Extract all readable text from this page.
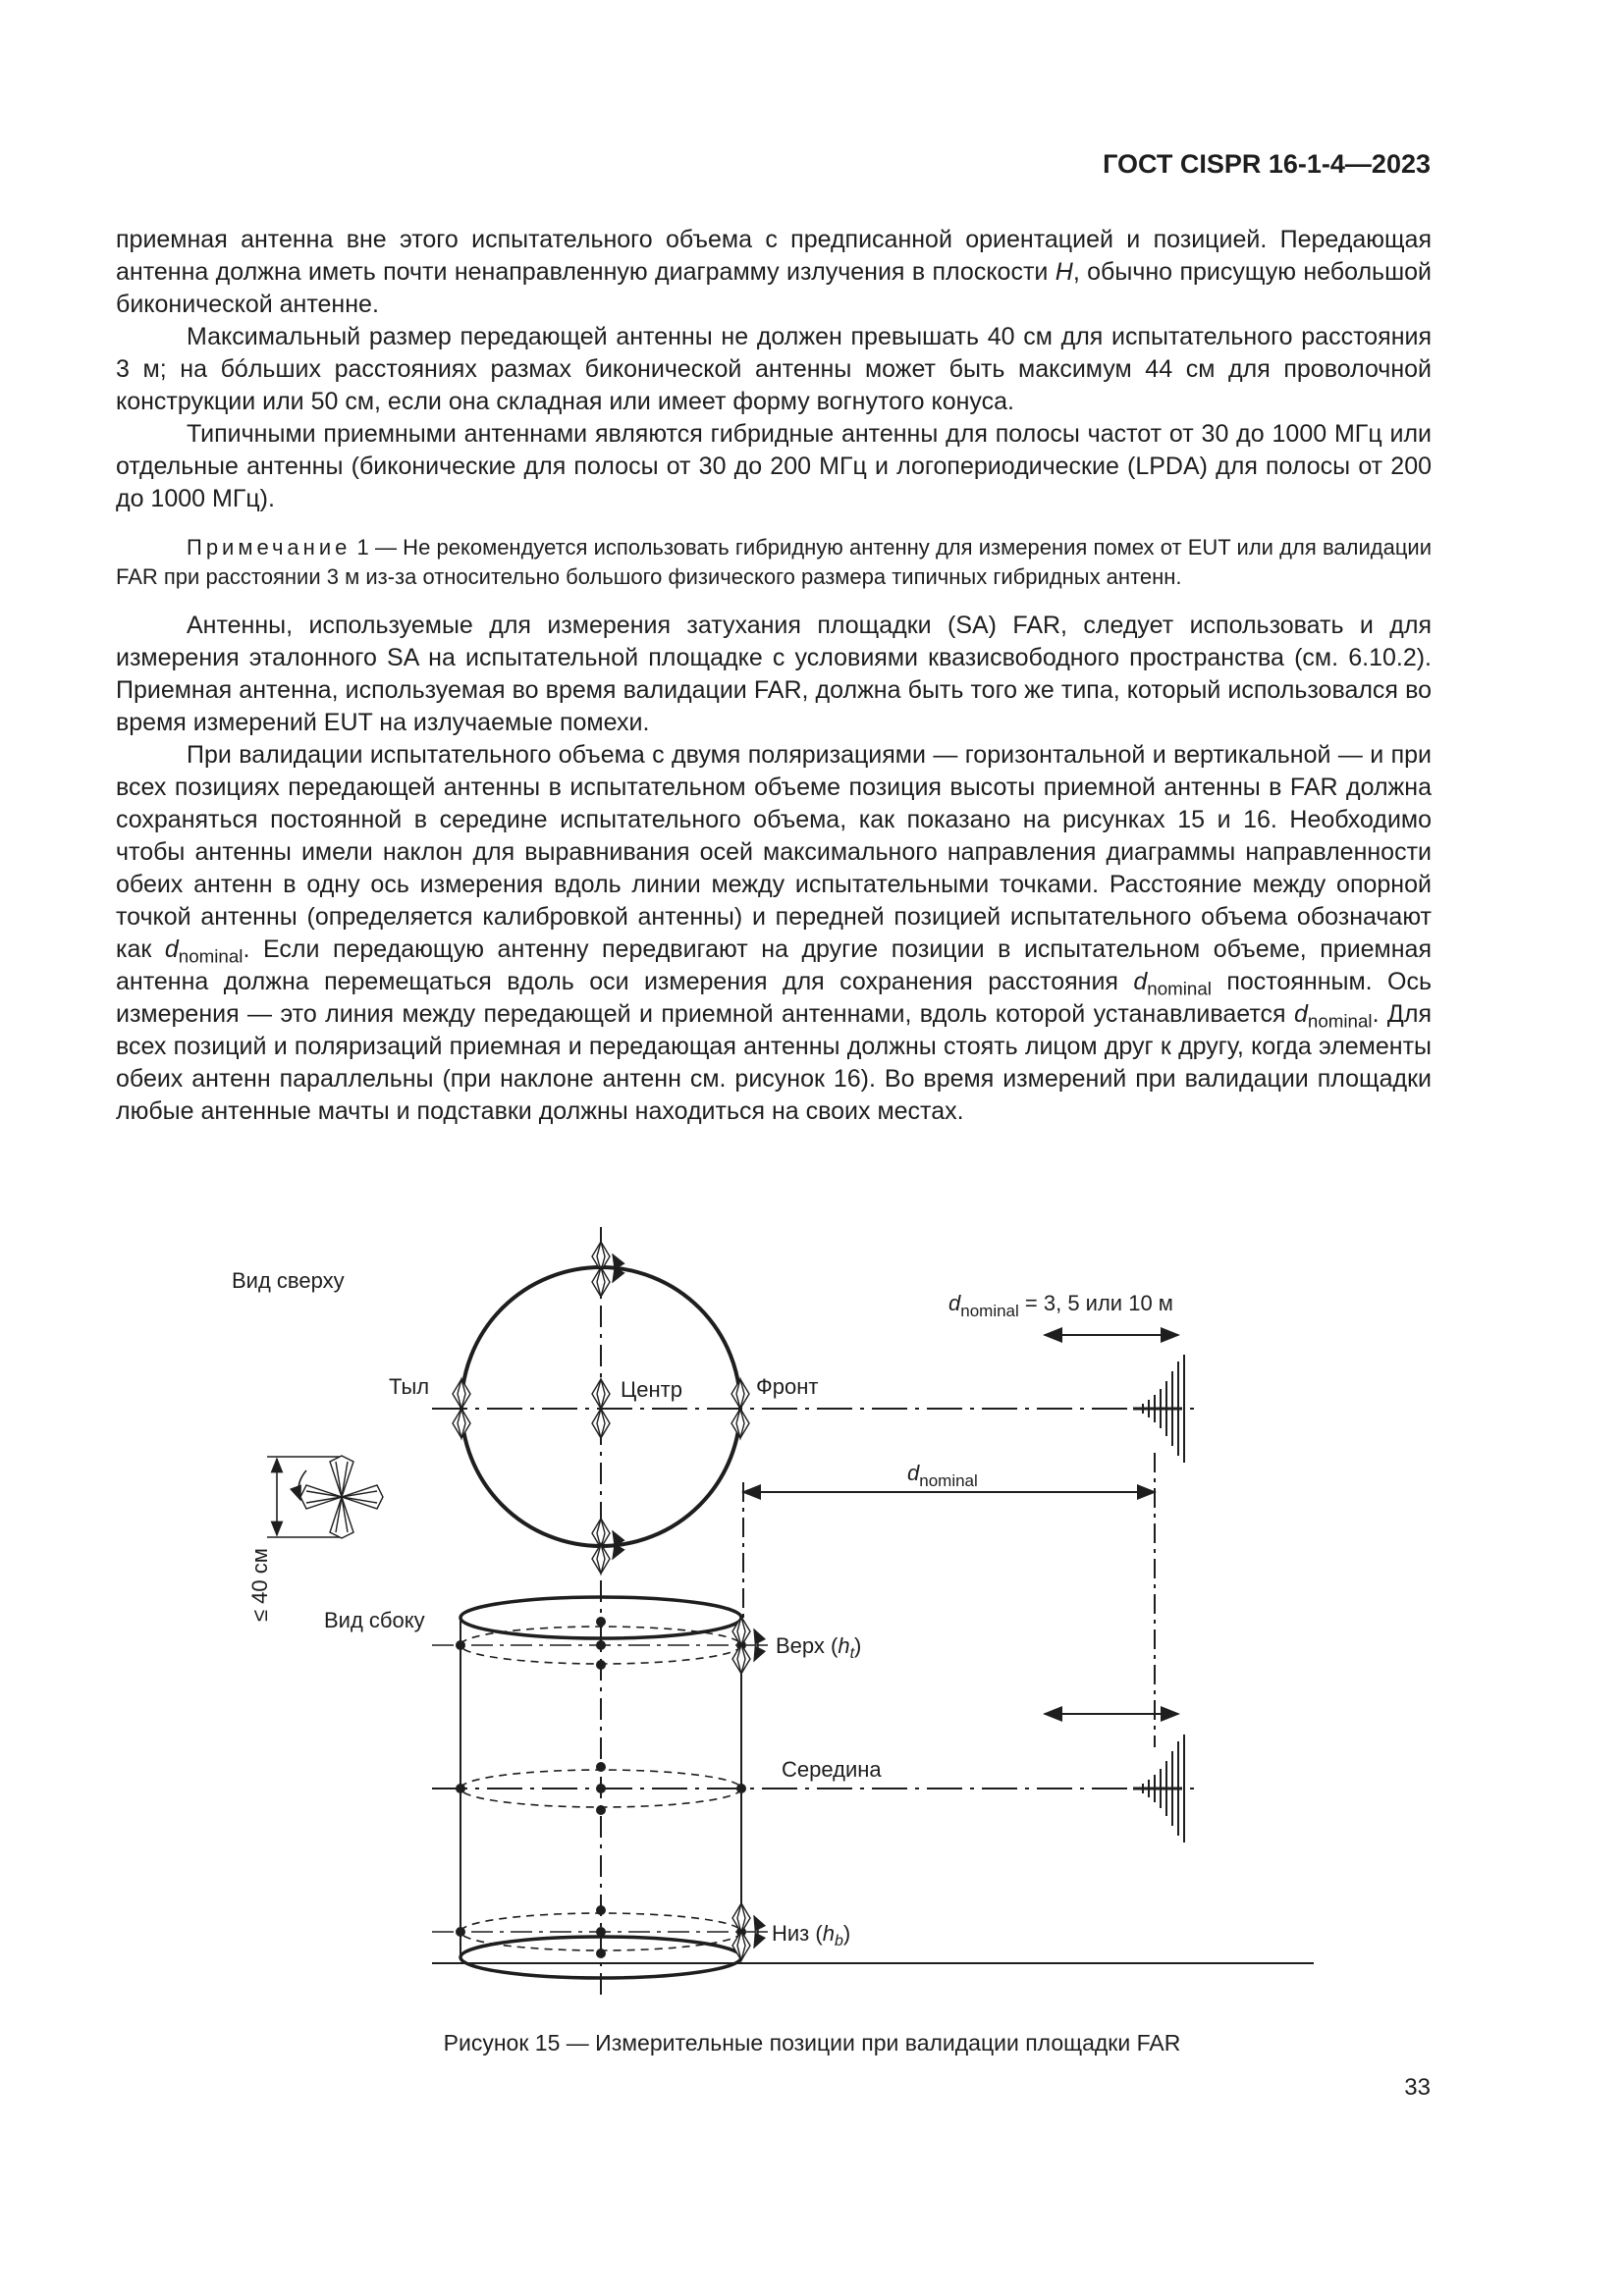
ГОСТ CISPR 16-1-4—2023

приемная антенна вне этого испытательного объема с предписанной ориентацией и позицией. Передающая антенна должна иметь почти ненаправленную диаграмму излучения в плоскости H, обычно присущую небольшой биконической антенне.

Максимальный размер передающей антенны не должен превышать 40 см для испытательного расстояния 3 м; на бóльших расстояниях размах биконической антенны может быть максимум 44 см для проволочной конструкции или 50 см, если она складная или имеет форму вогнутого конуса.

Типичными приемными антеннами являются гибридные антенны для полосы частот от 30 до 1000 МГц или отдельные антенны (биконические для полосы от 30 до 200 МГц и логопериодические (LPDA) для полосы от 200 до 1000 МГц).

Примечание 1 — Не рекомендуется использовать гибридную антенну для измерения помех от EUT или для валидации FAR при расстоянии 3 м из-за относительно большого физического размера типичных гибридных антенн.

Антенны, используемые для измерения затухания площадки (SA) FAR, следует использовать и для измерения эталонного SA на испытательной площадке с условиями квазисвободного пространства (см. 6.10.2). Приемная антенна, используемая во время валидации FAR, должна быть того же типа, который использовался во время измерений EUT на излучаемые помехи.

При валидации испытательного объема с двумя поляризациями — горизонтальной и вертикальной — и при всех позициях передающей антенны в испытательном объеме позиция высоты приемной антенны в FAR должна сохраняться постоянной в середине испытательного объема, как показано на рисунках 15 и 16. Необходимо чтобы антенны имели наклон для выравнивания осей максимального направления диаграммы направленности обеих антенн в одну ось измерения вдоль линии между испытательными точками. Расстояние между опорной точкой антенны (определяется калибровкой антенны) и передней позицией испытательного объема обозначают как $d_{nominal}$. Если передающую антенну передвигают на другие позиции в испытательном объеме, приемная антенна должна перемещаться вдоль оси измерения для сохранения расстояния $d_{nominal}$ постоянным. Ось измерения — это линия между передающей и приемной антеннами, вдоль которой устанавливается $d_{nominal}$. Для всех позиций и поляризаций приемная и передающая антенны должны стоять лицом друг к другу, когда элементы обеих антенн параллельны (при наклоне антенн см. рисунок 16). Во время измерений при валидации площадки любые антенные мачты и подставки должны находиться на своих местах.

Вид сверху
Тыл	Центр	Фронт
$d_{nominal} = 3$, 5 или 10 м
$d_{nominal}$
≤ 40 см Вид сбоку
Верх $(h_t)$
Середина
Низ $(h_b)$
Рисунок 15 — Измерительные позиции при валидации площадки FAR
33
